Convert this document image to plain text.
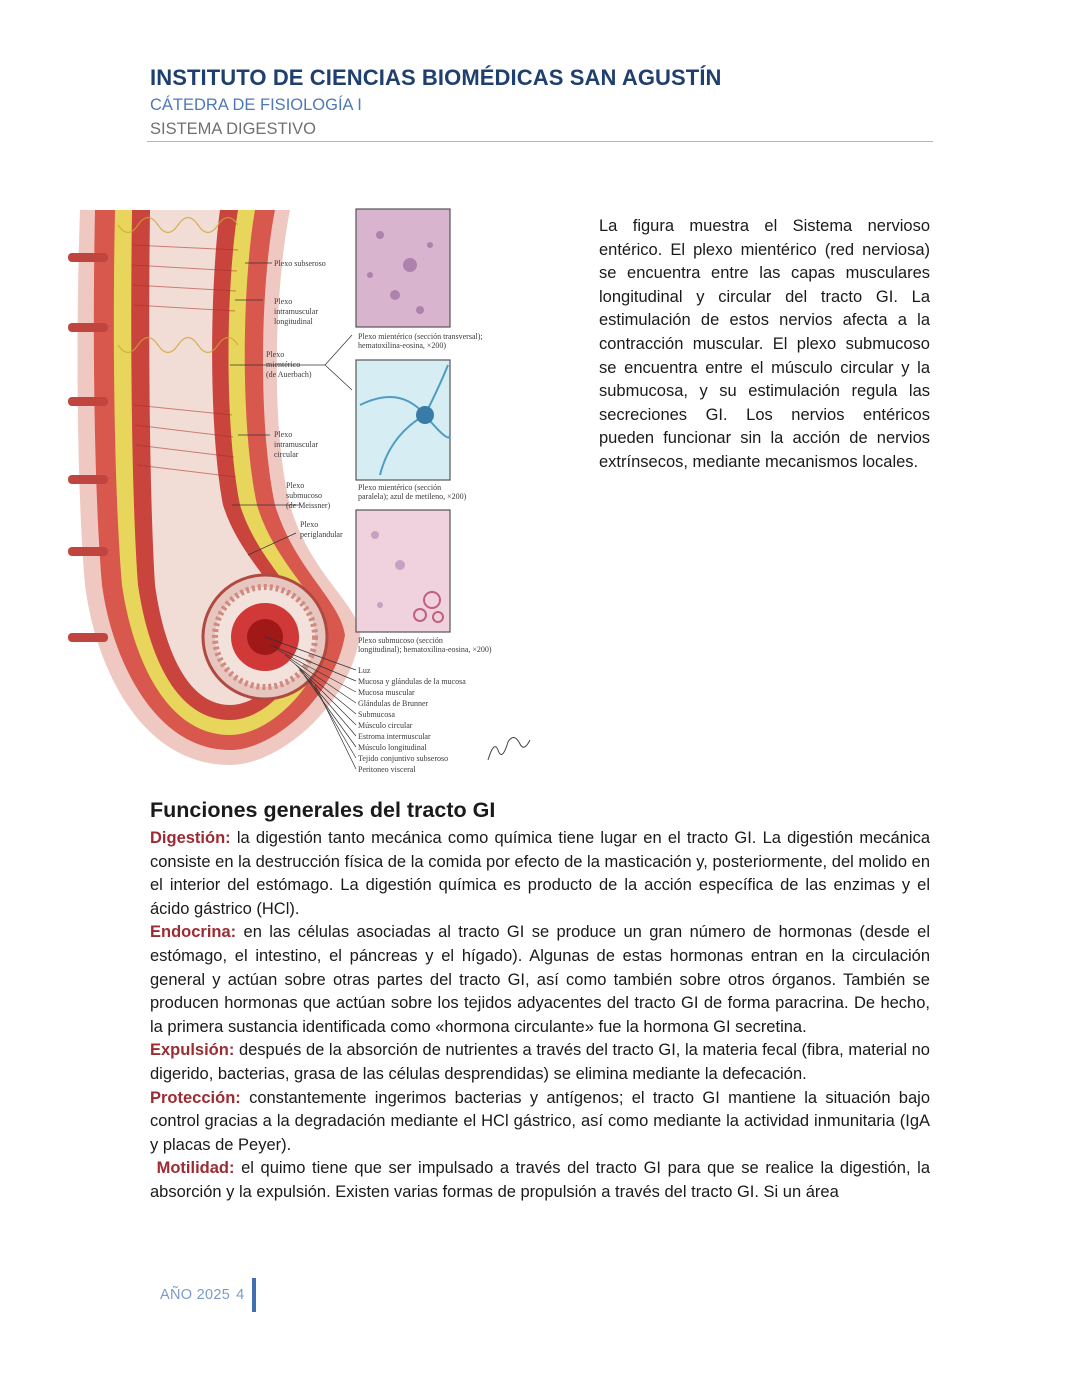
INSTITUTO DE CIENCIAS BIOMÉDICAS SAN AGUSTÍN
CÁTEDRA DE FISIOLOGÍA I
SISTEMA DIGESTIVO
Plexo subseroso
Plexo
intramuscular
longitudinal
Plexo
mientérico
(de Auerbach)
Plexo
intramuscular
circular
Plexo
submucoso
(de Meissner)
Plexo
periglandular
Plexo mientérico (sección transversal);
hematoxilina-eosina, ×200)
Plexo mientérico (sección
paralela); azul de metileno, ×200)
Plexo submucoso (sección
longitudinal); hematoxilina-eosina, ×200)
Luz
Mucosa y glándulas de la mucosa
Mucosa muscular
Glándulas de Brunner
Submucosa
Músculo circular
Estroma intermuscular
Músculo longitudinal
Tejido conjuntivo subseroso
Peritoneo visceral
La figura muestra el Sistema nervioso entérico. El plexo mientérico (red nerviosa) se encuentra entre las capas musculares longitudinal y circular del tracto GI. La estimulación de estos nervios afecta a la contracción muscular. El plexo submucoso se encuentra entre el músculo circular y la submucosa, y su estimulación regula las secreciones GI. Los nervios entéricos pueden funcionar sin la acción de nervios extrínsecos, mediante mecanismos locales.
Funciones generales del tracto GI

Digestión: la digestión tanto mecánica como química tiene lugar en el tracto GI. La digestión mecánica consiste en la destrucción física de la comida por efecto de la masticación y, posteriormente, del molido en el interior del estómago. La digestión química es producto de la acción específica de las enzimas y el ácido gástrico (HCl).

Endocrina: en las células asociadas al tracto GI se produce un gran número de hormonas (desde el estómago, el intestino, el páncreas y el hígado). Algunas de estas hormonas entran en la circulación general y actúan sobre otras partes del tracto GI, así como también sobre otros órganos. También se producen hormonas que actúan sobre los tejidos adyacentes del tracto GI de forma paracrina. De hecho, la primera sustancia identificada como «hormona circulante» fue la hormona GI secretina.

Expulsión: después de la absorción de nutrientes a través del tracto GI, la materia fecal (fibra, material no digerido, bacterias, grasa de las células desprendidas) se elimina mediante la defecación.

Protección: constantemente ingerimos bacterias y antígenos; el tracto GI mantiene la situación bajo control gracias a la degradación mediante el HCl gástrico, así como mediante la actividad inmunitaria (IgA y placas de Peyer).

Motilidad: el quimo tiene que ser impulsado a través del tracto GI para que se realice la digestión, la absorción y la expulsión. Existen varias formas de propulsión a través del tracto GI. Si un área

AÑO 2025 4
